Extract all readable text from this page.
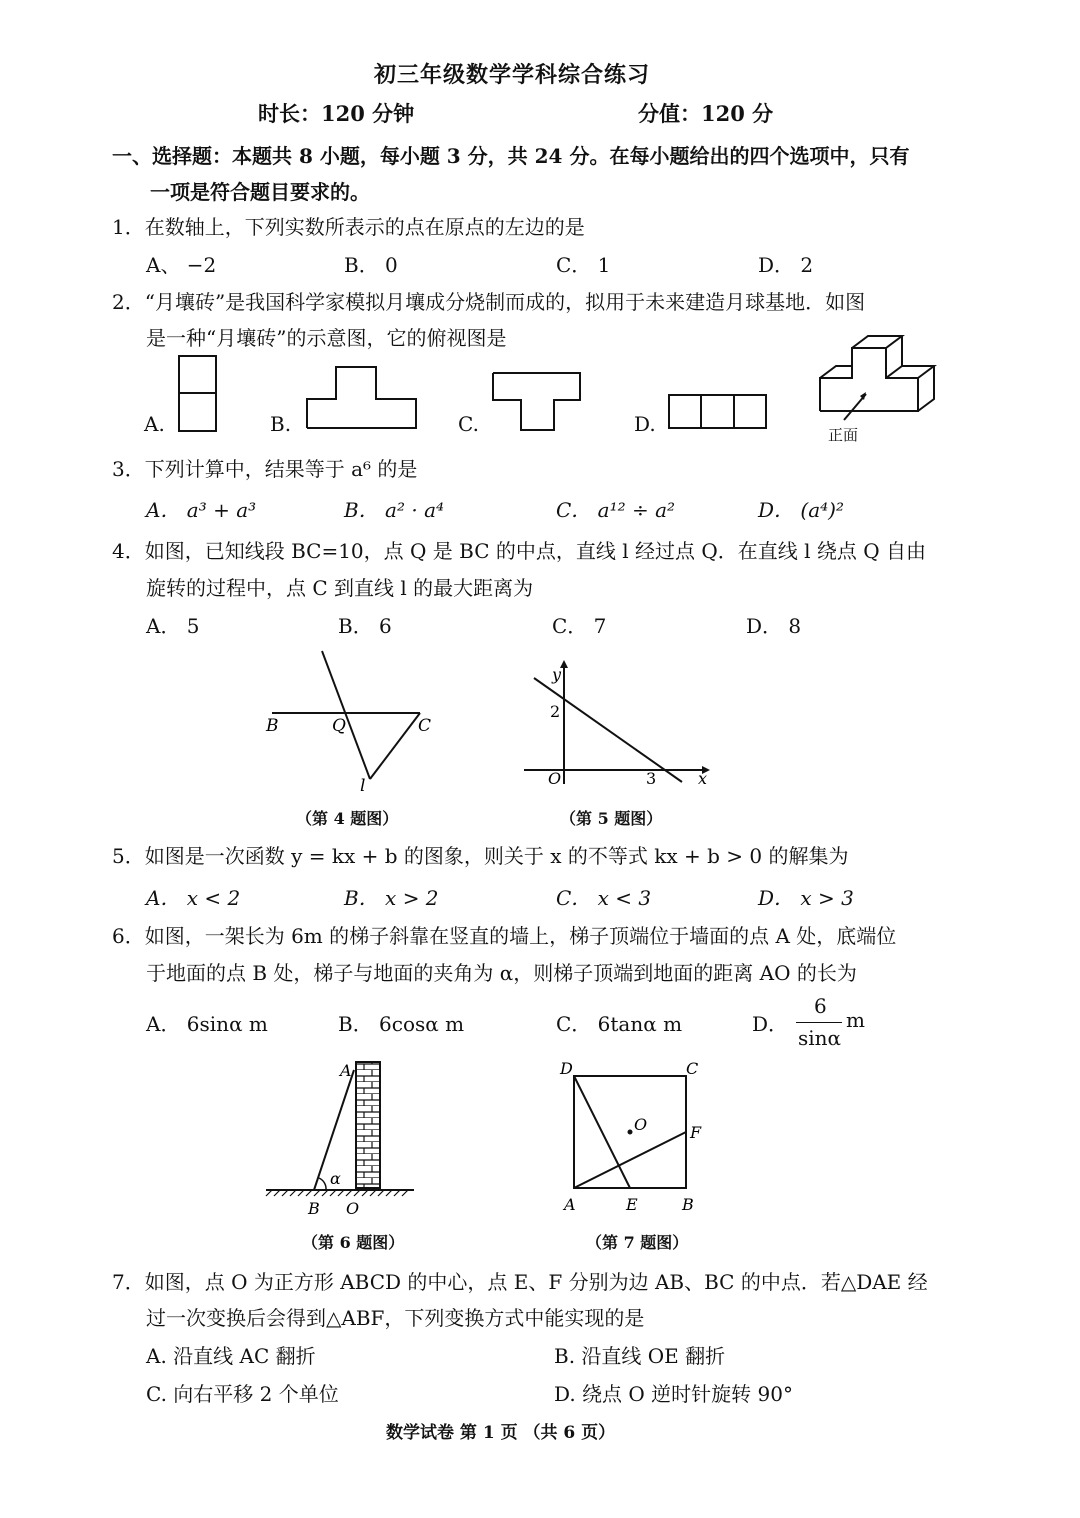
初三年级数学学科综合练习
时长：120 分钟	分值：120 分
一、选择题：本题共 8 小题，每小题 3 分，共 24 分。在每小题给出的四个选项中，只有
一项是符合题目要求的。
1．在数轴上，下列实数所表示的点在原点的左边的是
A、 −2	B． 0	C． 1	D． 2
2．“月壤砖”是我国科学家模拟月壤成分烧制而成的，拟用于未来建造月球基地．如图
是一种“月壤砖”的示意图，它的俯视图是
A.	B.	C.	D.	正面
3．下列计算中，结果等于 a⁶ 的是
A． a³ + a³	B． a² · a⁴	C． a¹² ÷ a²	D． (a⁴)²
4．如图，已知线段 BC=10，点 Q 是 BC 的中点，直线 l 经过点 Q．在直线 l 绕点 Q 自由
旋转的过程中，点 C 到直线 l 的最大距离为
A． 5	B． 6	C． 7	D． 8
B	Q	C
l
（第 4 题图）
y
2
O	3	x
（第 5 题图）
5．如图是一次函数 y = kx + b 的图象，则关于 x 的不等式 kx + b > 0 的解集为
A． x < 2	B． x > 2	C． x < 3	D． x > 3
6．如图，一架长为 6m 的梯子斜靠在竖直的墙上，梯子顶端位于墙面的点 A 处，底端位
于地面的点 B 处，梯子与地面的夹角为 α，则梯子顶端到地面的距离 AO 的长为
A． 6sinα m	B． 6cosα m	C． 6tanα m	D．
6
sinα
m
A
α
B O
（第 6 题图）
D	C
O	F
A	E	B
（第 7 题图）
7．如图，点 O 为正方形 ABCD 的中心，点 E、F 分别为边 AB、BC 的中点．若△DAE 经
过一次变换后会得到△ABF，下列变换方式中能实现的是
A. 沿直线 AC 翻折	B. 沿直线 OE 翻折
C. 向右平移 2 个单位	D. 绕点 O 逆时针旋转 90°
数学试卷 第 1 页 （共 6 页）
